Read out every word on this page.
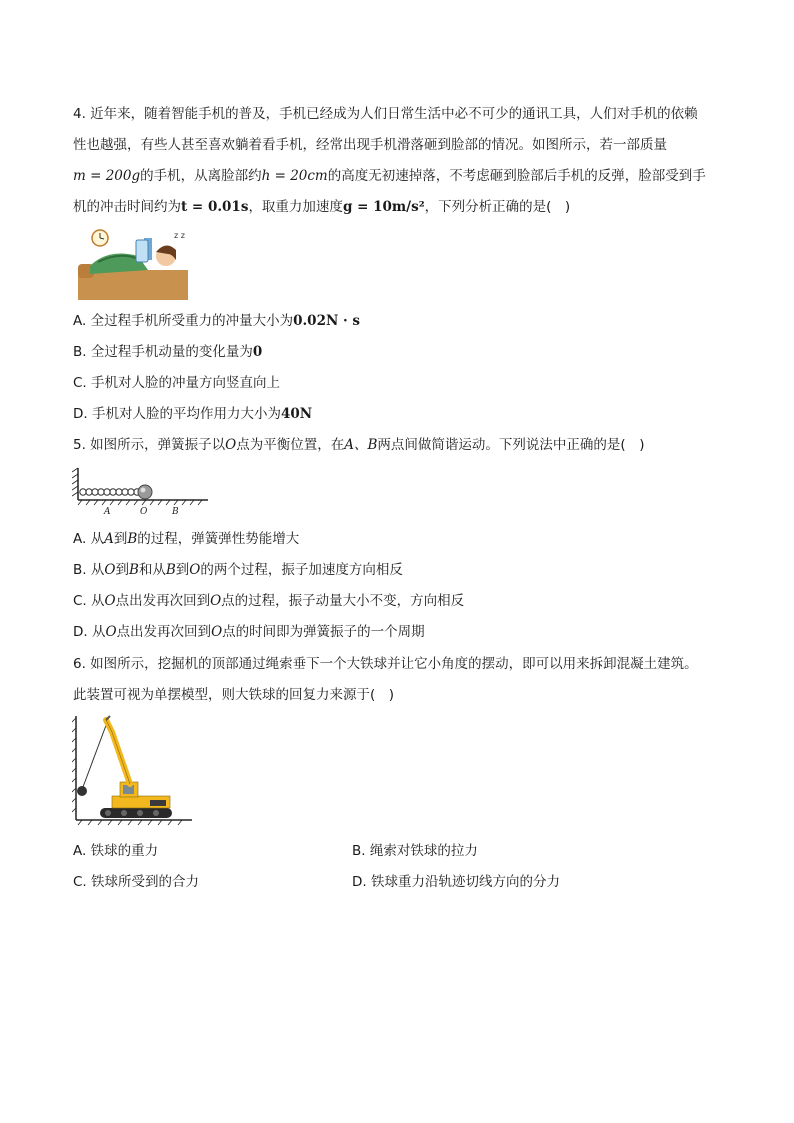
4. 近年来，随着智能手机的普及，手机已经成为人们日常生活中必不可少的通讯工具，人们对手机的依赖
性也越强，有些人甚至喜欢躺着看手机，经常出现手机滑落砸到脸部的情况。如图所示，若一部质量
m = 200g的手机，从离脸部约h = 20cm的高度无初速掉落，不考虑砸到脸部后手机的反弹，脸部受到手
机的冲击时间约为t = 0.01s，取重力加速度g = 10m/s²，下列分析正确的是(　)
z z
A. 全过程手机所受重力的冲量大小为0.02N · s
B. 全过程手机动量的变化量为0
C. 手机对人脸的冲量方向竖直向上
D. 手机对人脸的平均作用力大小为40N
5. 如图所示，弹簧振子以O点为平衡位置，在A、B两点间做简谐运动。下列说法中正确的是(　)
A	O	B
A. 从A到B的过程，弹簧弹性势能增大
B. 从O到B和从B到O的两个过程，振子加速度方向相反
C. 从O点出发再次回到O点的过程，振子动量大小不变，方向相反
D. 从O点出发再次回到O点的时间即为弹簧振子的一个周期
6. 如图所示，挖掘机的顶部通过绳索垂下一个大铁球并让它小角度的摆动，即可以用来拆卸混凝土建筑。
此装置可视为单摆模型，则大铁球的回复力来源于(　)
A. 铁球的重力	B. 绳索对铁球的拉力
C. 铁球所受到的合力	D. 铁球重力沿轨迹切线方向的分力
